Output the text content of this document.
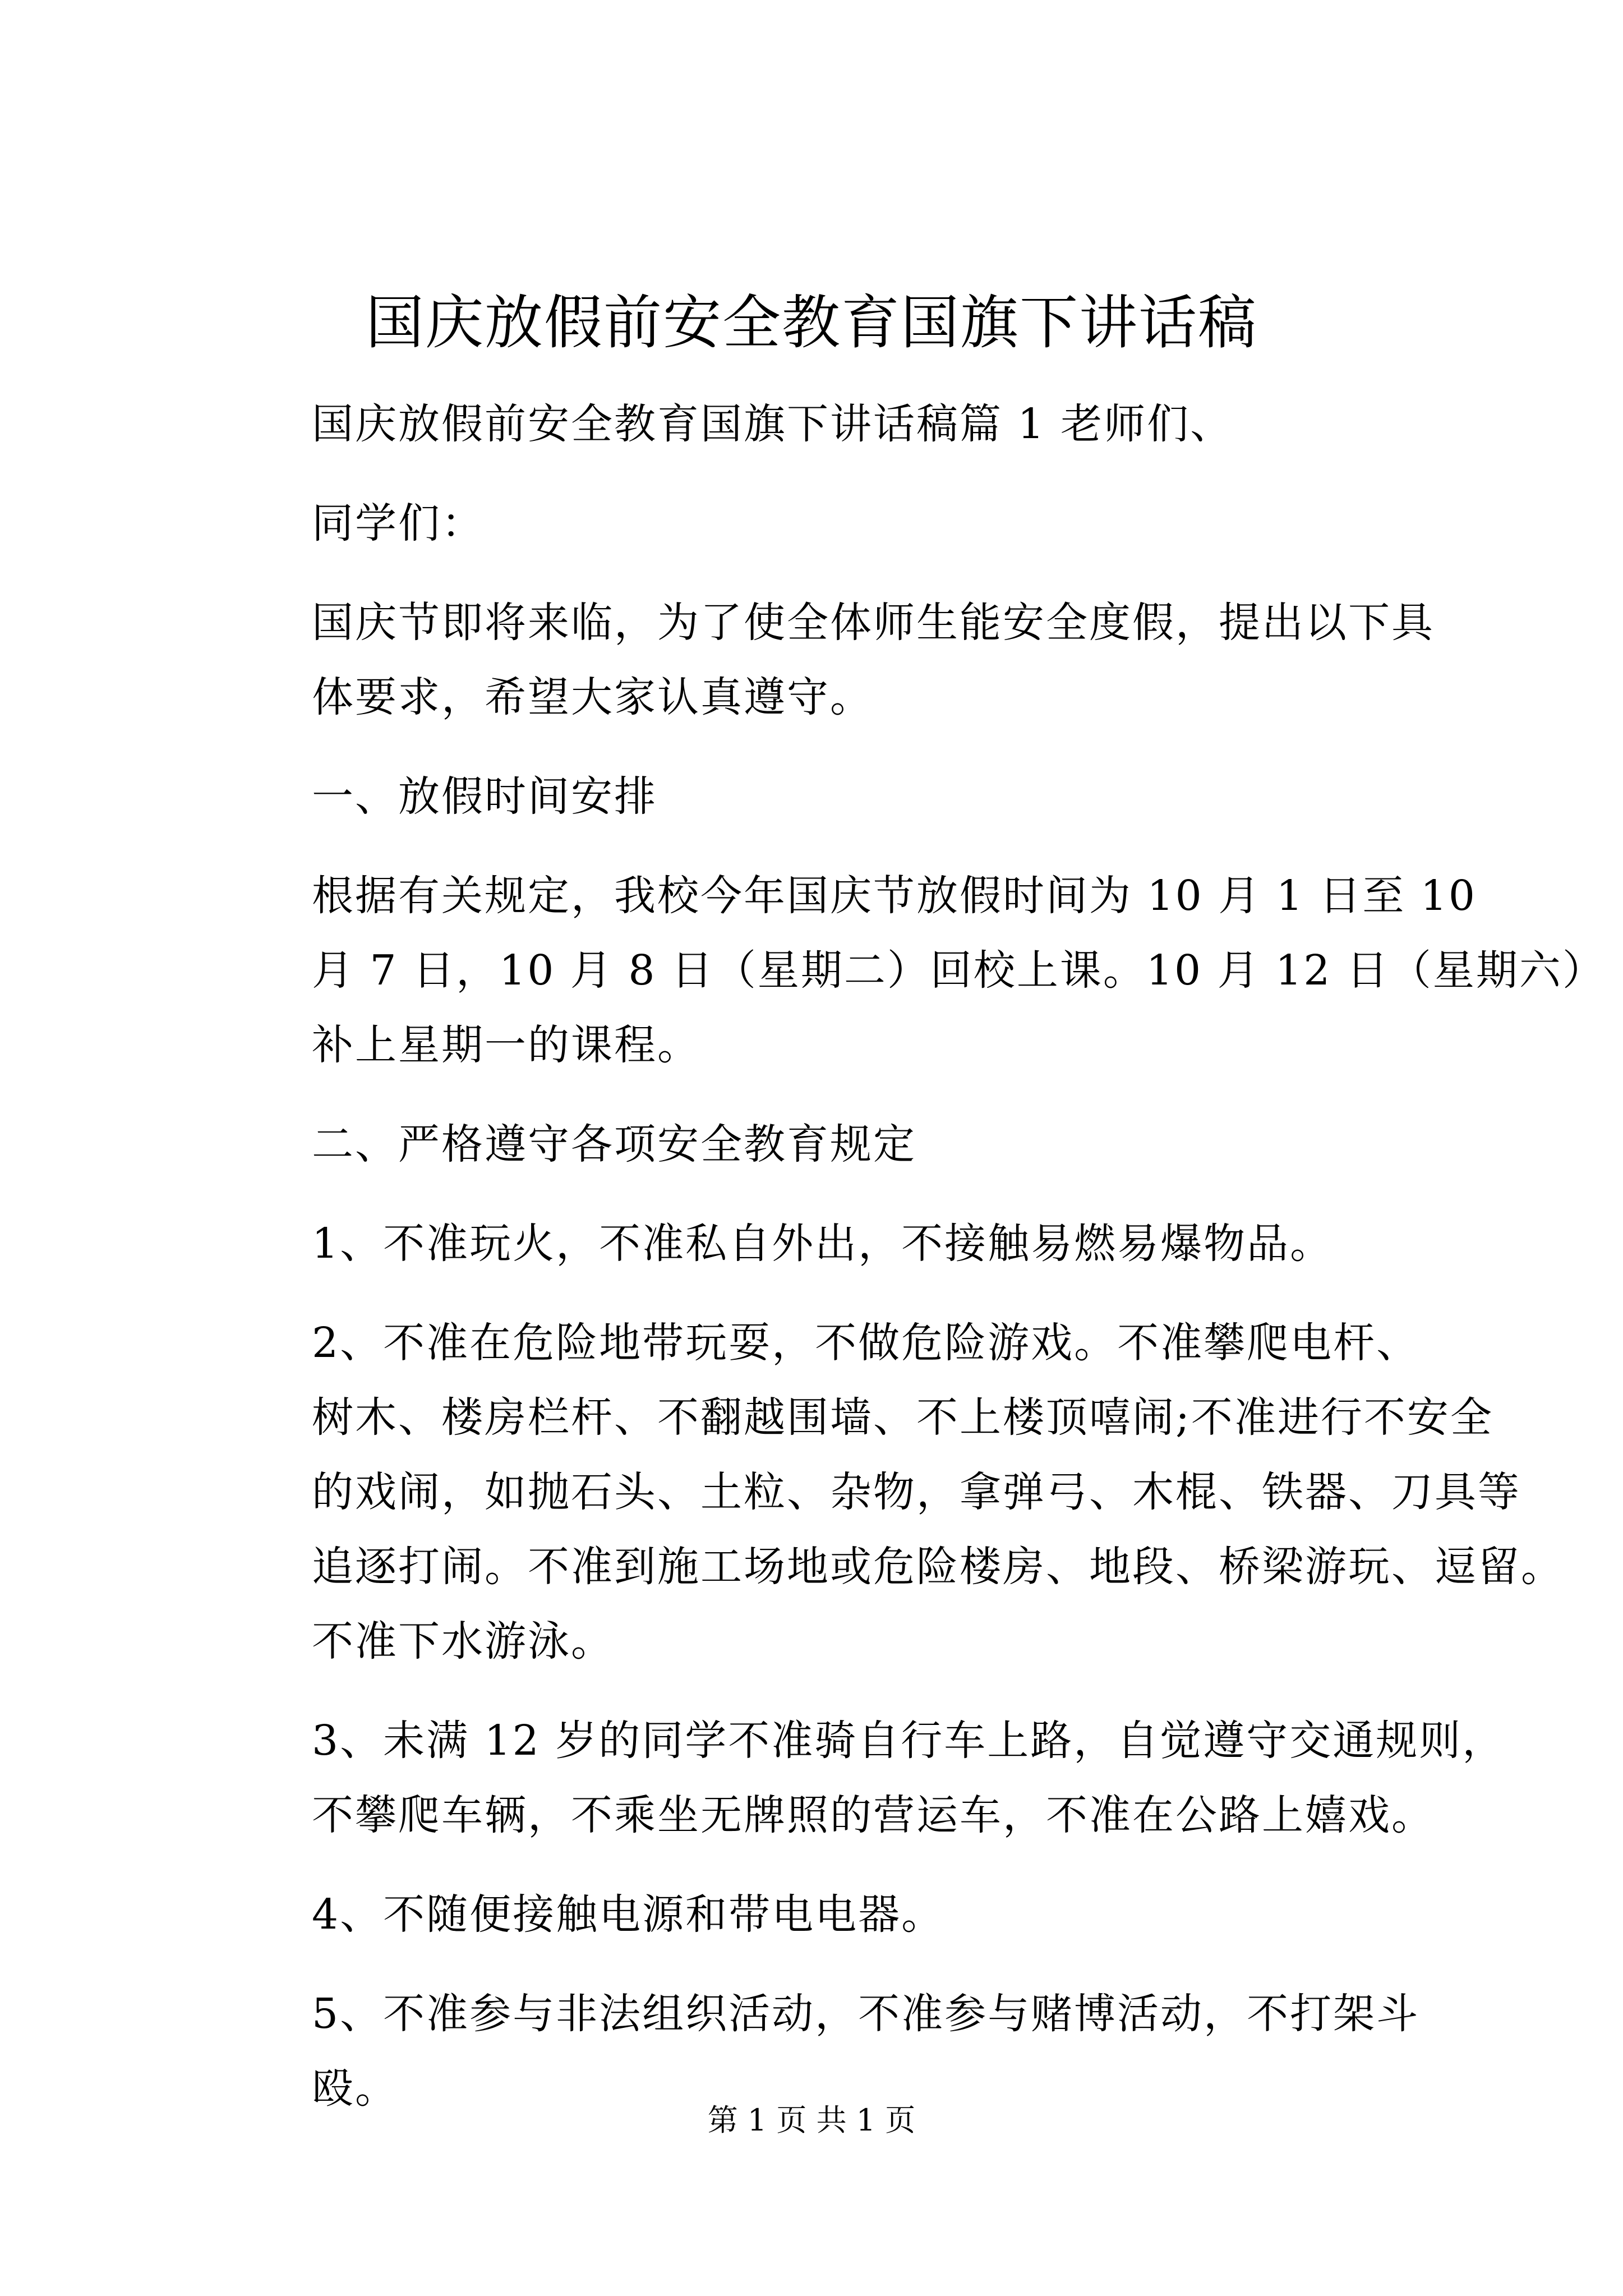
国庆放假前安全教育国旗下讲话稿
国庆放假前安全教育国旗下讲话稿篇 1 老师们、
同学们：
国庆节即将来临，为了使全体师生能安全度假，提出以下具
体要求，希望大家认真遵守。
一、放假时间安排
根据有关规定，我校今年国庆节放假时间为 10 月 1 日至 10
月 7 日，10 月 8 日（星期二）回校上课。10 月 12 日（星期六）
补上星期一的课程。
二、严格遵守各项安全教育规定
1、不准玩火，不准私自外出，不接触易燃易爆物品。
2、不准在危险地带玩耍，不做危险游戏。不准攀爬电杆、
树木、楼房栏杆、不翻越围墙、不上楼顶嘻闹;不准进行不安全
的戏闹，如抛石头、土粒、杂物，拿弹弓、木棍、铁器、刀具等
追逐打闹。不准到施工场地或危险楼房、地段、桥梁游玩、逗留。
不准下水游泳。
3、未满 12 岁的同学不准骑自行车上路，自觉遵守交通规则，
不攀爬车辆，不乘坐无牌照的营运车，不准在公路上嬉戏。
4、不随便接触电源和带电电器。
5、不准参与非法组织活动，不准参与赌博活动，不打架斗
殴。
第 1 页 共 1 页
